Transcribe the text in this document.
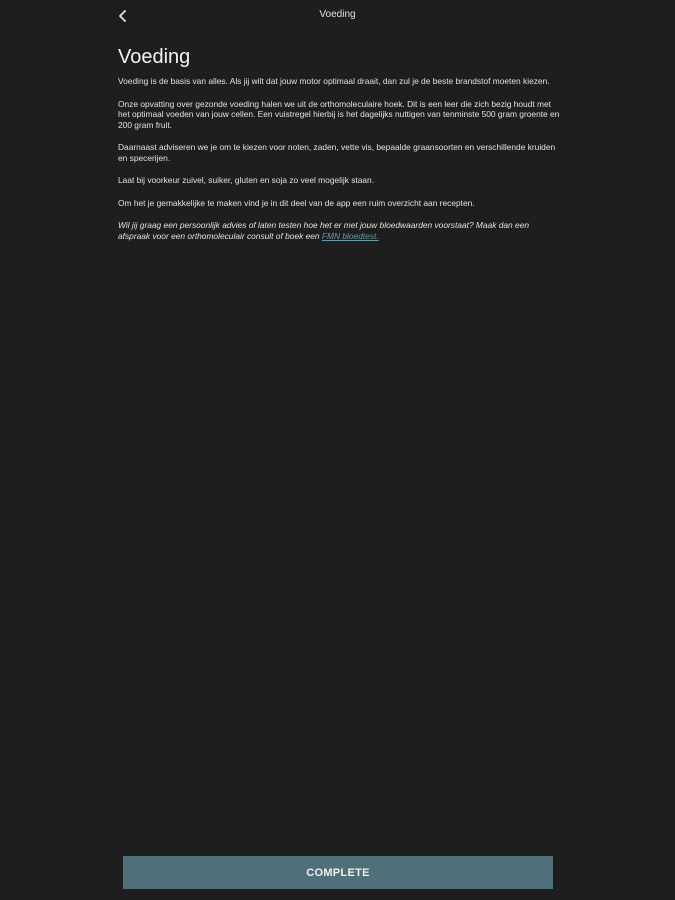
Voeding
Voeding

Voeding is de basis van alles. Als jij wilt dat jouw motor optimaal draait, dan zul je de beste brandstof moeten kiezen.

Onze opvatting over gezonde voeding halen we uit de orthomoleculaire hoek. Dit is een leer die zich bezig houdt met het optimaal voeden van jouw cellen. Een vuistregel hierbij is het dagelijks nuttigen van tenminste 500 gram groente en 200 gram fruit.

Daarnaast adviseren we je om te kiezen voor noten, zaden, vette vis, bepaalde graansoorten en verschillende kruiden en specerijen.

Laat bij voorkeur zuivel, suiker, gluten en soja zo veel mogelijk staan.

Om het je gemakkelijke te maken vind je in dit deel van de app een ruim overzicht aan recepten.

Wil jij graag een persoonlijk advies of laten testen hoe het er met jouw bloedwaarden voorstaat? Maak dan een afspraak voor een orthomoleculair consult of boek een FMN bloedtest.

COMPLETE
